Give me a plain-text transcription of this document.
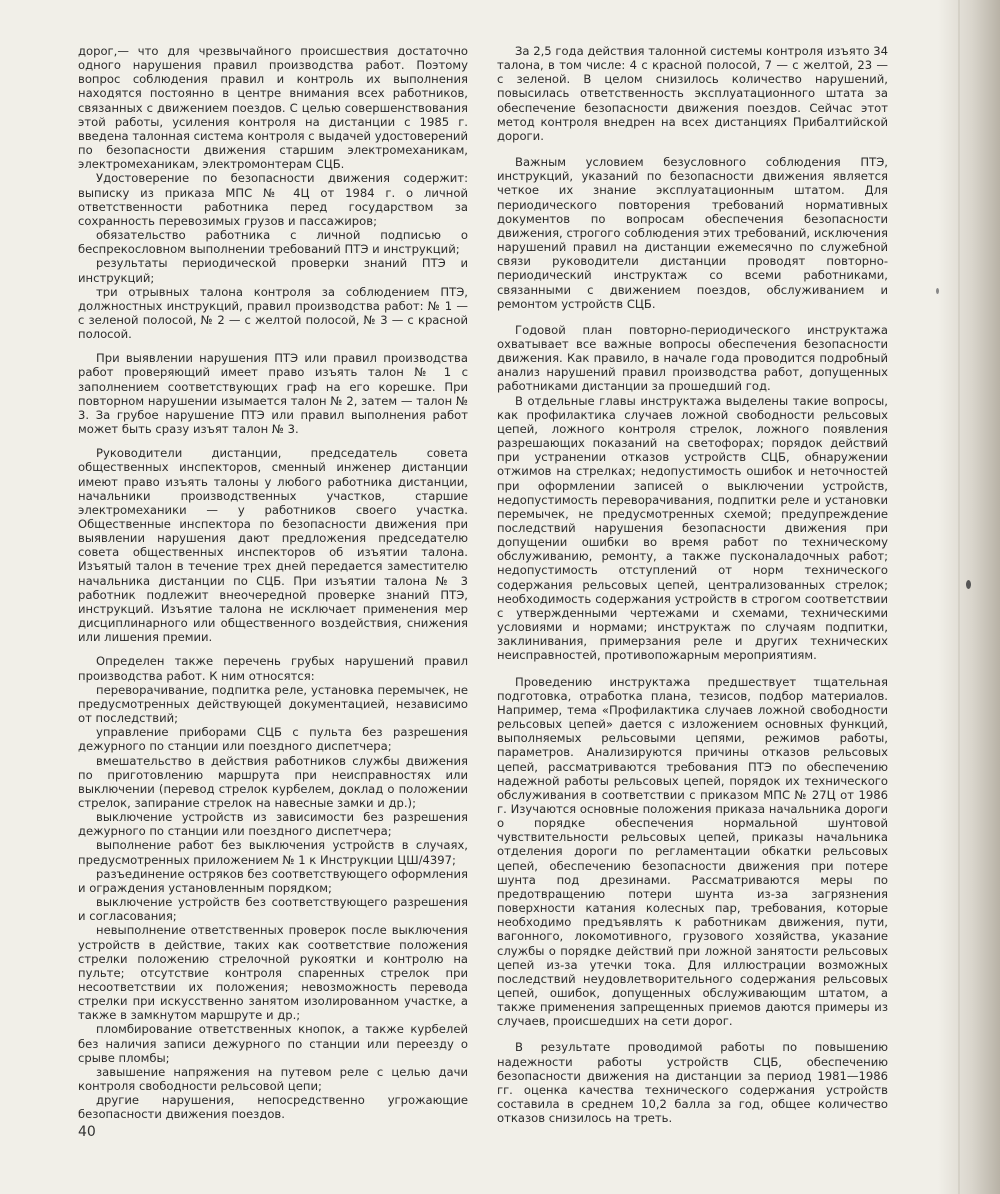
дорог,— что для чрезвычайного происшествия достаточно одного нарушения правил производства работ. Поэтому вопрос соблюдения правил и контроль их выполнения находятся постоянно в центре внимания всех работников, связанных с движением поездов. С целью совершенствования этой работы, усиления контроля на дистанции с 1985 г. введена талонная система контроля с выдачей удостоверений по безопасности движения старшим электромеханикам, электромеханикам, электромонтерам СЦБ.

Удостоверение по безопасности движения содержит: выписку из приказа МПС № 4Ц от 1984 г. о личной ответственности работника перед государством за сохранность перевозимых грузов и пассажиров;

обязательство работника с личной подписью о беспрекословном выполнении требований ПТЭ и инструкций;

результаты периодической проверки знаний ПТЭ и инструкций;

три отрывных талона контроля за соблюдением ПТЭ, должностных инструкций, правил производства работ: № 1 — с зеленой полосой, № 2 — с желтой полосой, № 3 — с красной полосой.

При выявлении нарушения ПТЭ или правил производства работ проверяющий имеет право изъять талон № 1 с заполнением соответствующих граф на его корешке. При повторном нарушении изымается талон № 2, затем — талон № 3. За грубое нарушение ПТЭ или правил выполнения работ может быть сразу изъят талон № 3.

Руководители дистанции, председатель совета общественных инспекторов, сменный инженер дистанции имеют право изъять талоны у любого работника дистанции, начальники производственных участков, старшие электромеханики — у работников своего участка. Общественные инспектора по безопасности движения при выявлении нарушения дают предложения председателю совета общественных инспекторов об изъятии талона. Изъятый талон в течение трех дней передается заместителю начальника дистанции по СЦБ. При изъятии талона № 3 работник подлежит внеочередной проверке знаний ПТЭ, инструкций. Изъятие талона не исключает применения мер дисциплинарного или общественного воздействия, снижения или лишения премии.

Определен также перечень грубых нарушений правил производства работ. К ним относятся:

переворачивание, подпитка реле, установка перемычек, не предусмотренных действующей документацией, независимо от последствий;

управление приборами СЦБ с пульта без разрешения дежурного по станции или поездного диспетчера;

вмешательство в действия работников службы движения по приготовлению маршрута при неисправностях или выключении (перевод стрелок курбелем, доклад о положении стрелок, запирание стрелок на навесные замки и др.);

выключение устройств из зависимости без разрешения дежурного по станции или поездного диспетчера;

выполнение работ без выключения устройств в случаях, предусмотренных приложением № 1 к Инструкции ЦШ/4397;

разъединение остряков без соответствующего оформления и ограждения установленным порядком;

выключение устройств без соответствующего разрешения и согласования;

невыполнение ответственных проверок после выключения устройств в действие, таких как соответствие положения стрелки положению стрелочной рукоятки и контролю на пульте; отсутствие контроля спаренных стрелок при несоответствии их положения; невозможность перевода стрелки при искусственно занятом изолированном участке, а также в замкнутом маршруте и др.;

пломбирование ответственных кнопок, а также курбелей без наличия записи дежурного по станции или переезду о срыве пломбы;

завышение напряжения на путевом реле с целью дачи контроля свободности рельсовой цепи;

другие нарушения, непосредственно угрожающие безопасности движения поездов.

За 2,5 года действия талонной системы контроля изъято 34 талона, в том числе: 4 с красной полосой, 7 — с желтой, 23 — с зеленой. В целом снизилось количество нарушений, повысилась ответственность эксплуатационного штата за обеспечение безопасности движения поездов. Сейчас этот метод контроля внедрен на всех дистанциях Прибалтийской дороги.

Важным условием безусловного соблюдения ПТЭ, инструкций, указаний по безопасности движения является четкое их знание эксплуатационным штатом. Для периодического повторения требований нормативных документов по вопросам обеспечения безопасности движения, строгого соблюдения этих требований, исключения нарушений правил на дистанции ежемесячно по служебной связи руководители дистанции проводят повторно-периодический инструктаж со всеми работниками, связанными с движением поездов, обслуживанием и ремонтом устройств СЦБ.

Годовой план повторно-периодического инструктажа охватывает все важные вопросы обеспечения безопасности движения. Как правило, в начале года проводится подробный анализ нарушений правил производства работ, допущенных работниками дистанции за прошедший год.

В отдельные главы инструктажа выделены такие вопросы, как профилактика случаев ложной свободности рельсовых цепей, ложного контроля стрелок, ложного появления разрешающих показаний на светофорах; порядок действий при устранении отказов устройств СЦБ, обнаружении отжимов на стрелках; недопустимость ошибок и неточностей при оформлении записей о выключении устройств, недопустимость переворачивания, подпитки реле и установки перемычек, не предусмотренных схемой; предупреждение последствий нарушения безопасности движения при допущении ошибки во время работ по техническому обслуживанию, ремонту, а также пусконаладочных работ; недопустимость отступлений от норм технического содержания рельсовых цепей, централизованных стрелок; необходимость содержания устройств в строгом соответствии с утвержденными чертежами и схемами, техническими условиями и нормами; инструктаж по случаям подпитки, заклинивания, примерзания реле и других технических неисправностей, противопожарным мероприятиям.

Проведению инструктажа предшествует тщательная подготовка, отработка плана, тезисов, подбор материалов. Например, тема «Профилактика случаев ложной свободности рельсовых цепей» дается с изложением основных функций, выполняемых рельсовыми цепями, режимов работы, параметров. Анализируются причины отказов рельсовых цепей, рассматриваются требования ПТЭ по обеспечению надежной работы рельсовых цепей, порядок их технического обслуживания в соответствии с приказом МПС № 27Ц от 1986 г. Изучаются основные положения приказа начальника дороги о порядке обеспечения нормальной шунтовой чувствительности рельсовых цепей, приказы начальника отделения дороги по регламентации обкатки рельсовых цепей, обеспечению безопасности движения при потере шунта под дрезинами. Рассматриваются меры по предотвращению потери шунта из-за загрязнения поверхности катания колесных пар, требования, которые необходимо предъявлять к работникам движения, пути, вагонного, локомотивного, грузового хозяйства, указание службы о порядке действий при ложной занятости рельсовых цепей из-за утечки тока. Для иллюстрации возможных последствий неудовлетворительного содержания рельсовых цепей, ошибок, допущенных обслуживающим штатом, а также применения запрещенных приемов даются примеры из случаев, происшедших на сети дорог.

В результате проводимой работы по повышению надежности работы устройств СЦБ, обеспечению безопасности движения на дистанции за период 1981—1986 гг. оценка качества технического содержания устройств составила в среднем 10,2 балла за год, общее количество отказов снизилось на треть.

40
